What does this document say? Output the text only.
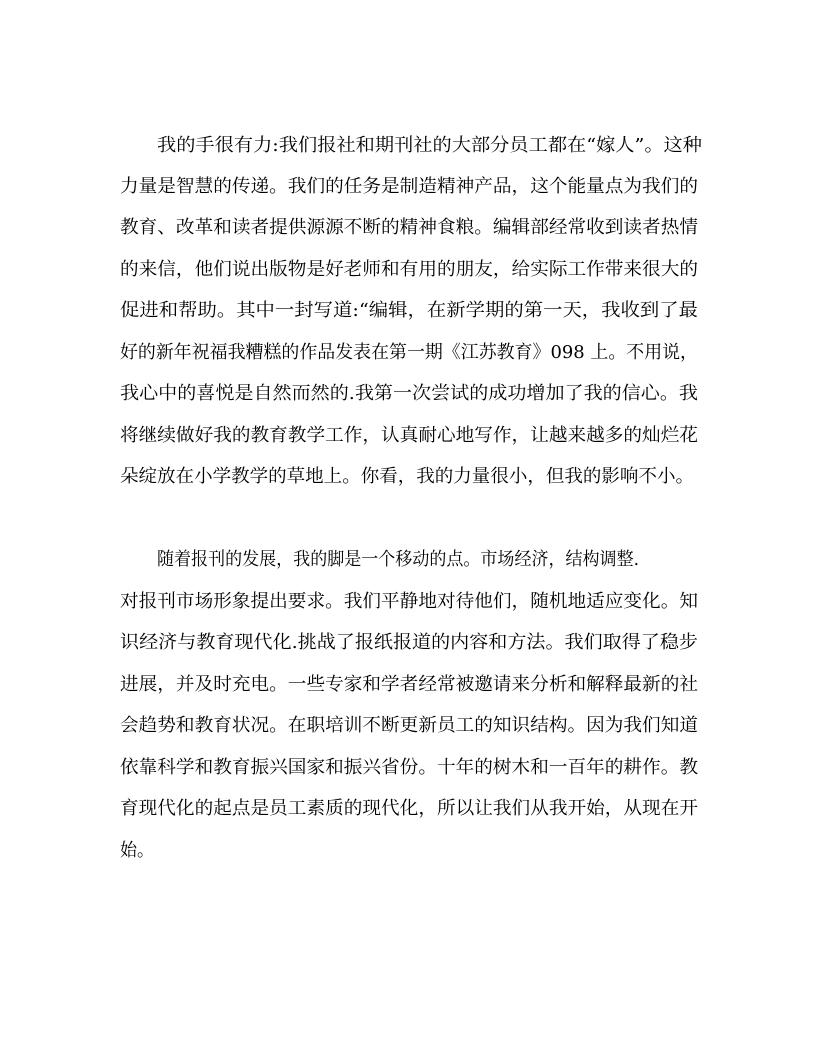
我的手很有力:我们报社和期刊社的大部分员工都在“嫁人”。这种
力量是智慧的传递。我们的任务是制造精神产品，这个能量点为我们的
教育、改革和读者提供源源不断的精神食粮。编辑部经常收到读者热情
的来信，他们说出版物是好老师和有用的朋友，给实际工作带来很大的
促进和帮助。其中一封写道:“编辑，在新学期的第一天，我收到了最
好的新年祝福我糟糕的作品发表在第一期《江苏教育》098 上。不用说，
我心中的喜悦是自然而然的.我第一次尝试的成功增加了我的信心。我
将继续做好我的教育教学工作，认真耐心地写作，让越来越多的灿烂花
朵绽放在小学教学的草地上。你看，我的力量很小，但我的影响不小。
随着报刊的发展，我的脚是一个移动的点。市场经济，结构调整.
对报刊市场形象提出要求。我们平静地对待他们，随机地适应变化。知
识经济与教育现代化.挑战了报纸报道的内容和方法。我们取得了稳步
进展，并及时充电。一些专家和学者经常被邀请来分析和解释最新的社
会趋势和教育状况。在职培训不断更新员工的知识结构。因为我们知道
依靠科学和教育振兴国家和振兴省份。十年的树木和一百年的耕作。教
育现代化的起点是员工素质的现代化，所以让我们从我开始，从现在开
始。
